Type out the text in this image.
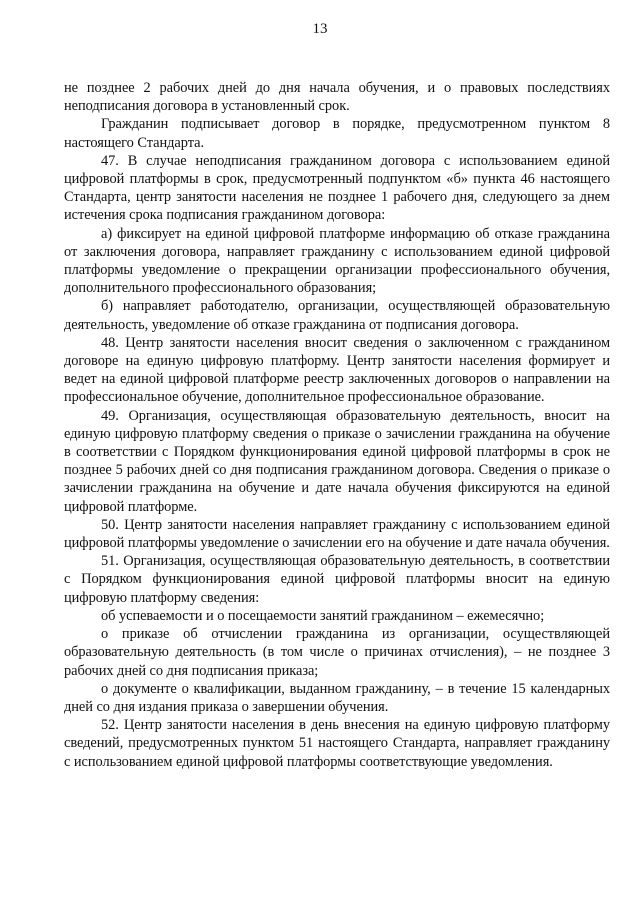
13

не позднее 2 рабочих дней до дня начала обучения, и о правовых последствиях неподписания договора в установленный срок.

Гражданин подписывает договор в порядке, предусмотренном пунктом 8 настоящего Стандарта.

47. В случае неподписания гражданином договора с использованием единой цифровой платформы в срок, предусмотренный подпунктом «б» пункта 46 настоящего Стандарта, центр занятости населения не позднее 1 рабочего дня, следующего за днем истечения срока подписания гражданином договора:

а) фиксирует на единой цифровой платформе информацию об отказе гражданина от заключения договора, направляет гражданину с использованием единой цифровой платформы уведомление о прекращении организации профессионального обучения, дополнительного профессионального образования;

б) направляет работодателю, организации, осуществляющей образовательную деятельность, уведомление об отказе гражданина от подписания договора.

48. Центр занятости населения вносит сведения о заключенном с гражданином договоре на единую цифровую платформу. Центр занятости населения формирует и ведет на единой цифровой платформе реестр заключенных договоров о направлении на профессиональное обучение, дополнительное профессиональное образование.

49. Организация, осуществляющая образовательную деятельность, вносит на единую цифровую платформу сведения о приказе о зачислении гражданина на обучение в соответствии с Порядком функционирования единой цифровой платформы в срок не позднее 5 рабочих дней со дня подписания гражданином договора. Сведения о приказе о зачислении гражданина на обучение и дате начала обучения фиксируются на единой цифровой платформе.

50. Центр занятости населения направляет гражданину с использованием единой цифровой платформы уведомление о зачислении его на обучение и дате начала обучения.

51. Организация, осуществляющая образовательную деятельность, в соответствии с Порядком функционирования единой цифровой платформы вносит на единую цифровую платформу сведения:

об успеваемости и о посещаемости занятий гражданином – ежемесячно;

о приказе об отчислении гражданина из организации, осуществляющей образовательную деятельность (в том числе о причинах отчисления), – не позднее 3 рабочих дней со дня подписания приказа;

о документе о квалификации, выданном гражданину, – в течение 15 календарных дней со дня издания приказа о завершении обучения.

52. Центр занятости населения в день внесения на единую цифровую платформу сведений, предусмотренных пунктом 51 настоящего Стандарта, направляет гражданину с использованием единой цифровой платформы соответствующие уведомления.
